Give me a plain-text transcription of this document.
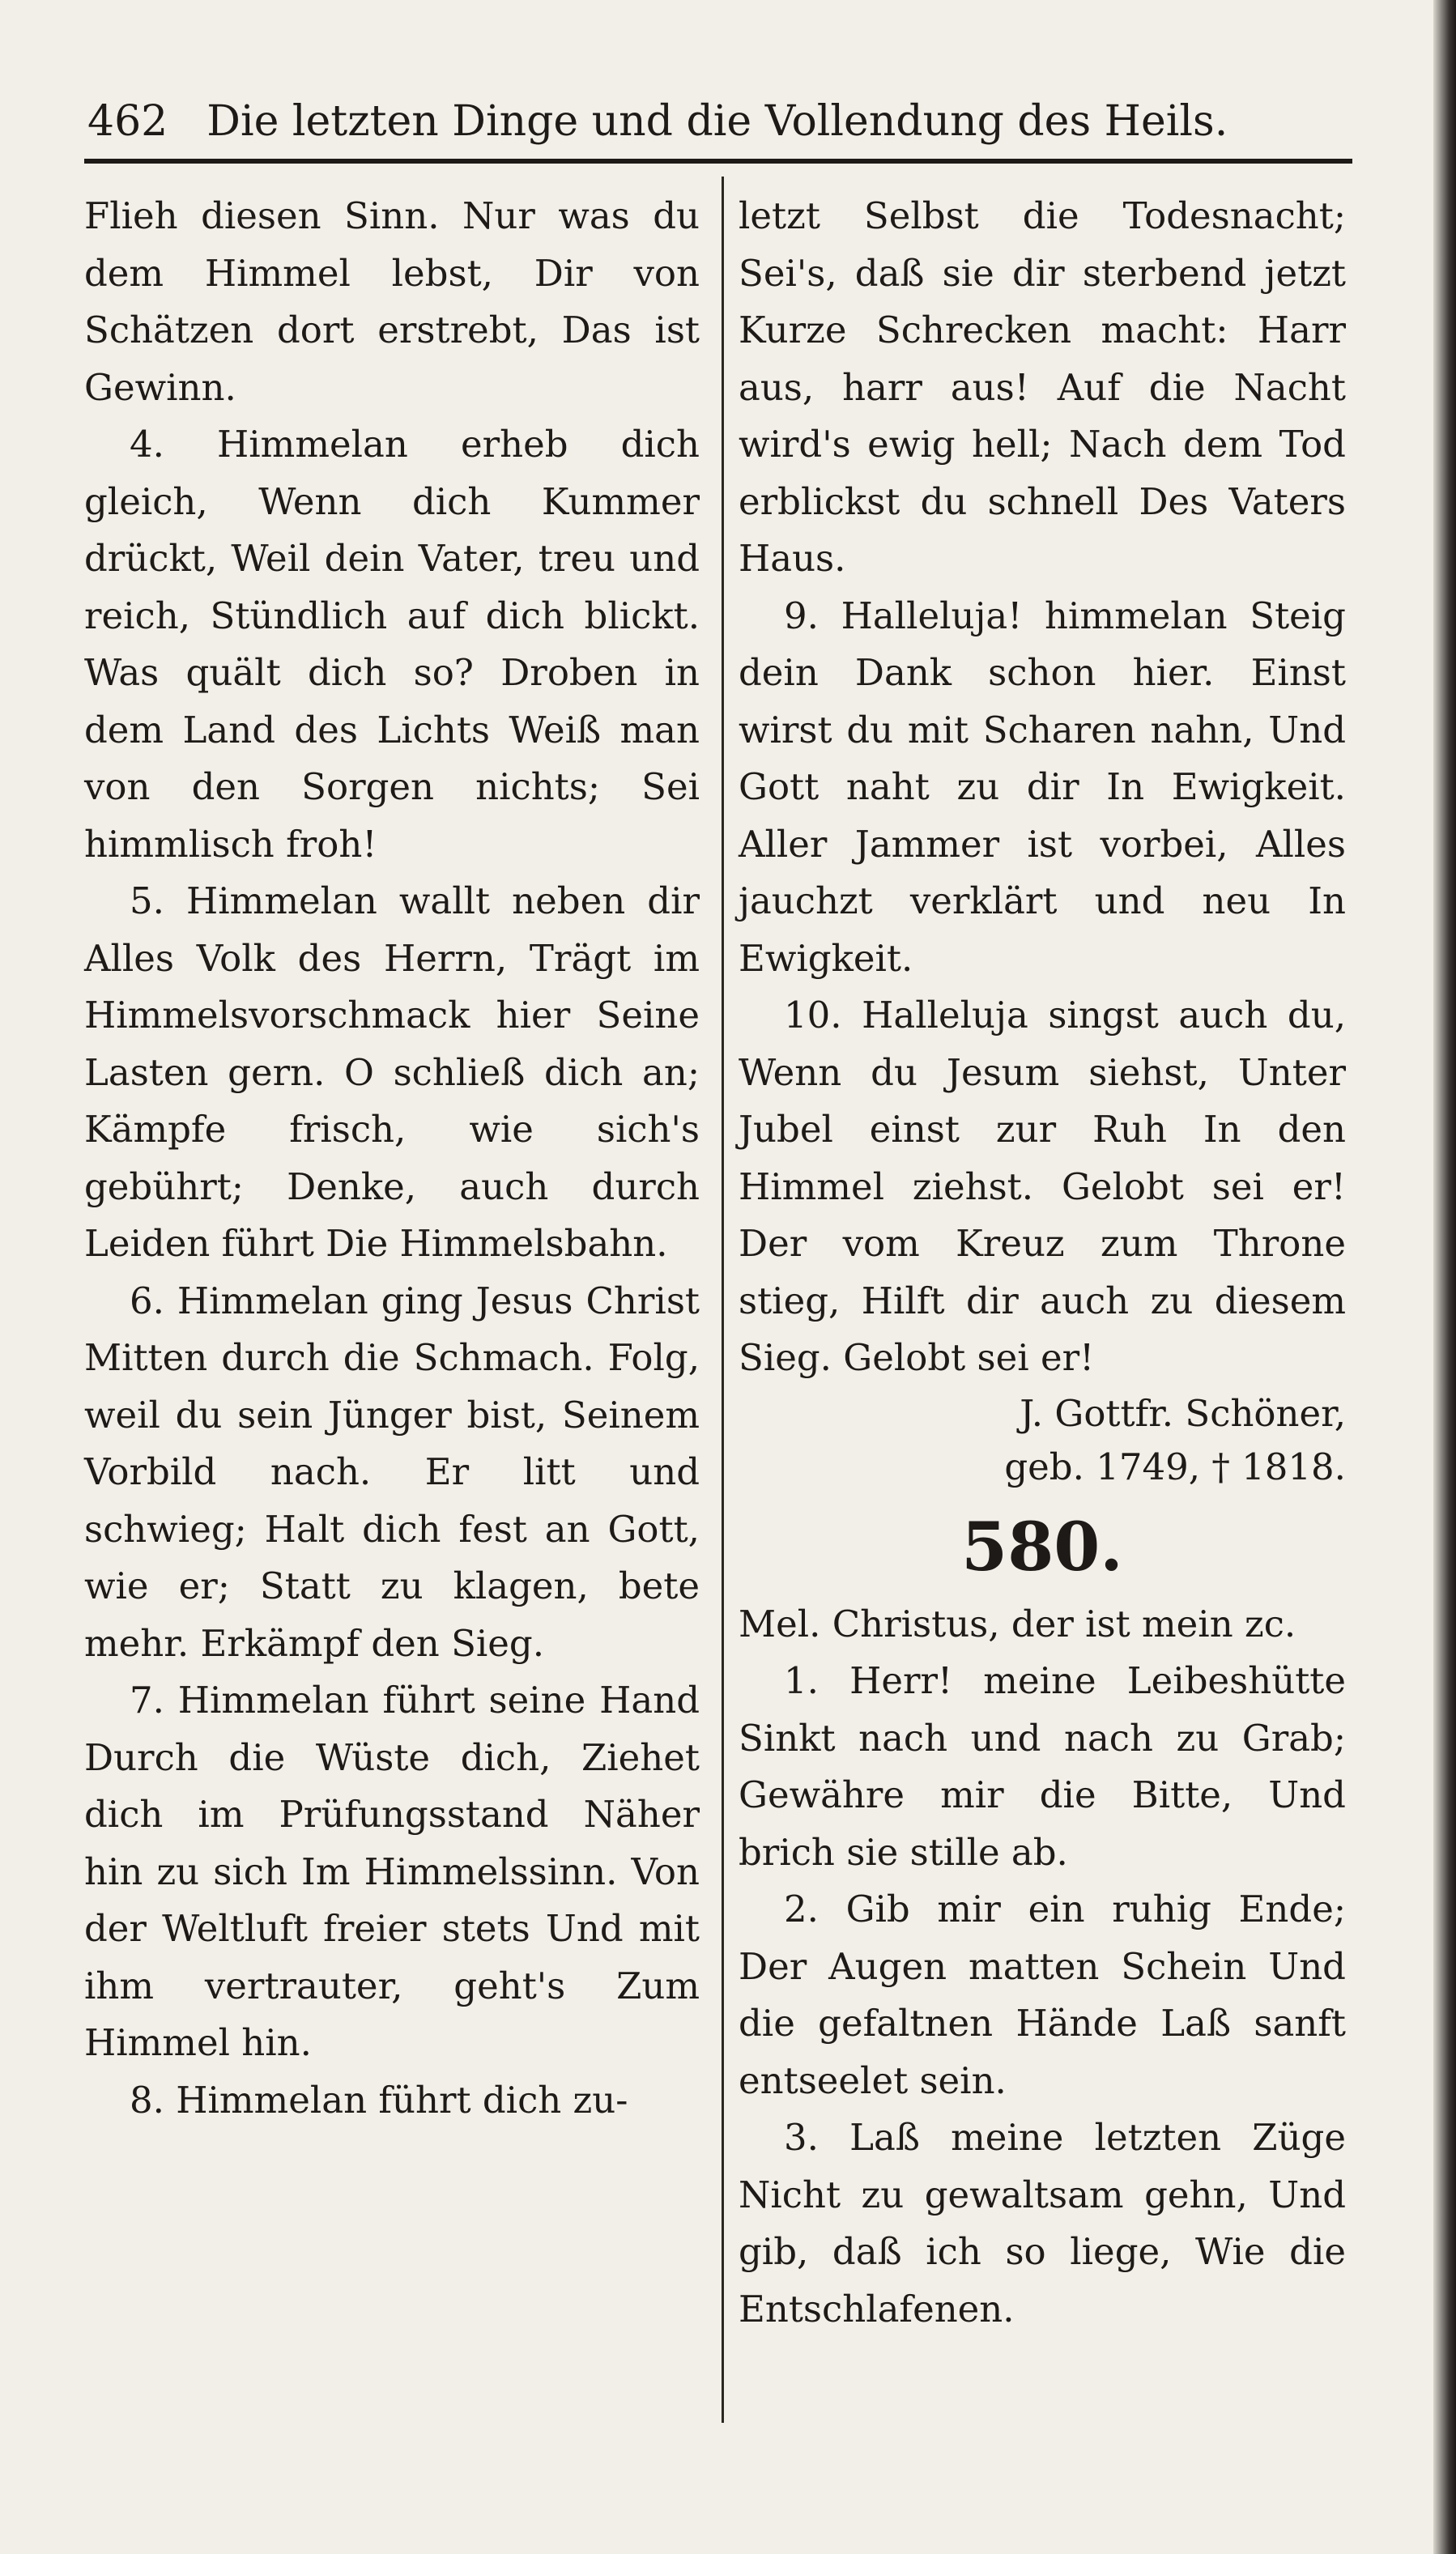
462 Die letzten Dinge und die Vollendung des Heils.

Flieh diesen Sinn. Nur was du dem Himmel lebst, Dir von Schätzen dort erstrebt, Das ist Gewinn.

4. Himmelan erheb dich gleich, Wenn dich Kummer drückt, Weil dein Vater, treu und reich, Stündlich auf dich blickt. Was quält dich so? Droben in dem Land des Lichts Weiß man von den Sorgen nichts; Sei himmlisch froh!

5. Himmelan wallt neben dir Alles Volk des Herrn, Trägt im Himmelsvorschmack hier Seine Lasten gern. O schließ dich an; Kämpfe frisch, wie sich's gebührt; Denke, auch durch Leiden führt Die Himmelsbahn.

6. Himmelan ging Jesus Christ Mitten durch die Schmach. Folg, weil du sein Jünger bist, Seinem Vorbild nach. Er litt und schwieg; Halt dich fest an Gott, wie er; Statt zu klagen, bete mehr. Erkämpf den Sieg.

7. Himmelan führt seine Hand Durch die Wüste dich, Ziehet dich im Prüfungsstand Näher hin zu sich Im Himmelssinn. Von der Weltluft freier stets Und mit ihm vertrauter, geht's Zum Himmel hin.

8. Himmelan führt dich zu-

letzt Selbst die Todesnacht; Sei's, daß sie dir sterbend jetzt Kurze Schrecken macht: Harr aus, harr aus! Auf die Nacht wird's ewig hell; Nach dem Tod erblickst du schnell Des Vaters Haus.

9. Halleluja! himmelan Steig dein Dank schon hier. Einst wirst du mit Scharen nahn, Und Gott naht zu dir In Ewigkeit. Aller Jammer ist vorbei, Alles jauchzt verklärt und neu In Ewigkeit.

10. Halleluja singst auch du, Wenn du Jesum siehst, Unter Jubel einst zur Ruh In den Himmel ziehst. Gelobt sei er! Der vom Kreuz zum Throne stieg, Hilft dir auch zu diesem Sieg. Gelobt sei er!

J. Gottfr. Schöner,

geb. 1749, † 1818.

580.

Mel. Christus, der ist mein zc.

1. Herr! meine Leibeshütte Sinkt nach und nach zu Grab; Gewähre mir die Bitte, Und brich sie stille ab.

2. Gib mir ein ruhig Ende; Der Augen matten Schein Und die gefaltnen Hände Laß sanft entseelet sein.

3. Laß meine letzten Züge Nicht zu gewaltsam gehn, Und gib, daß ich so liege, Wie die Entschlafenen.
